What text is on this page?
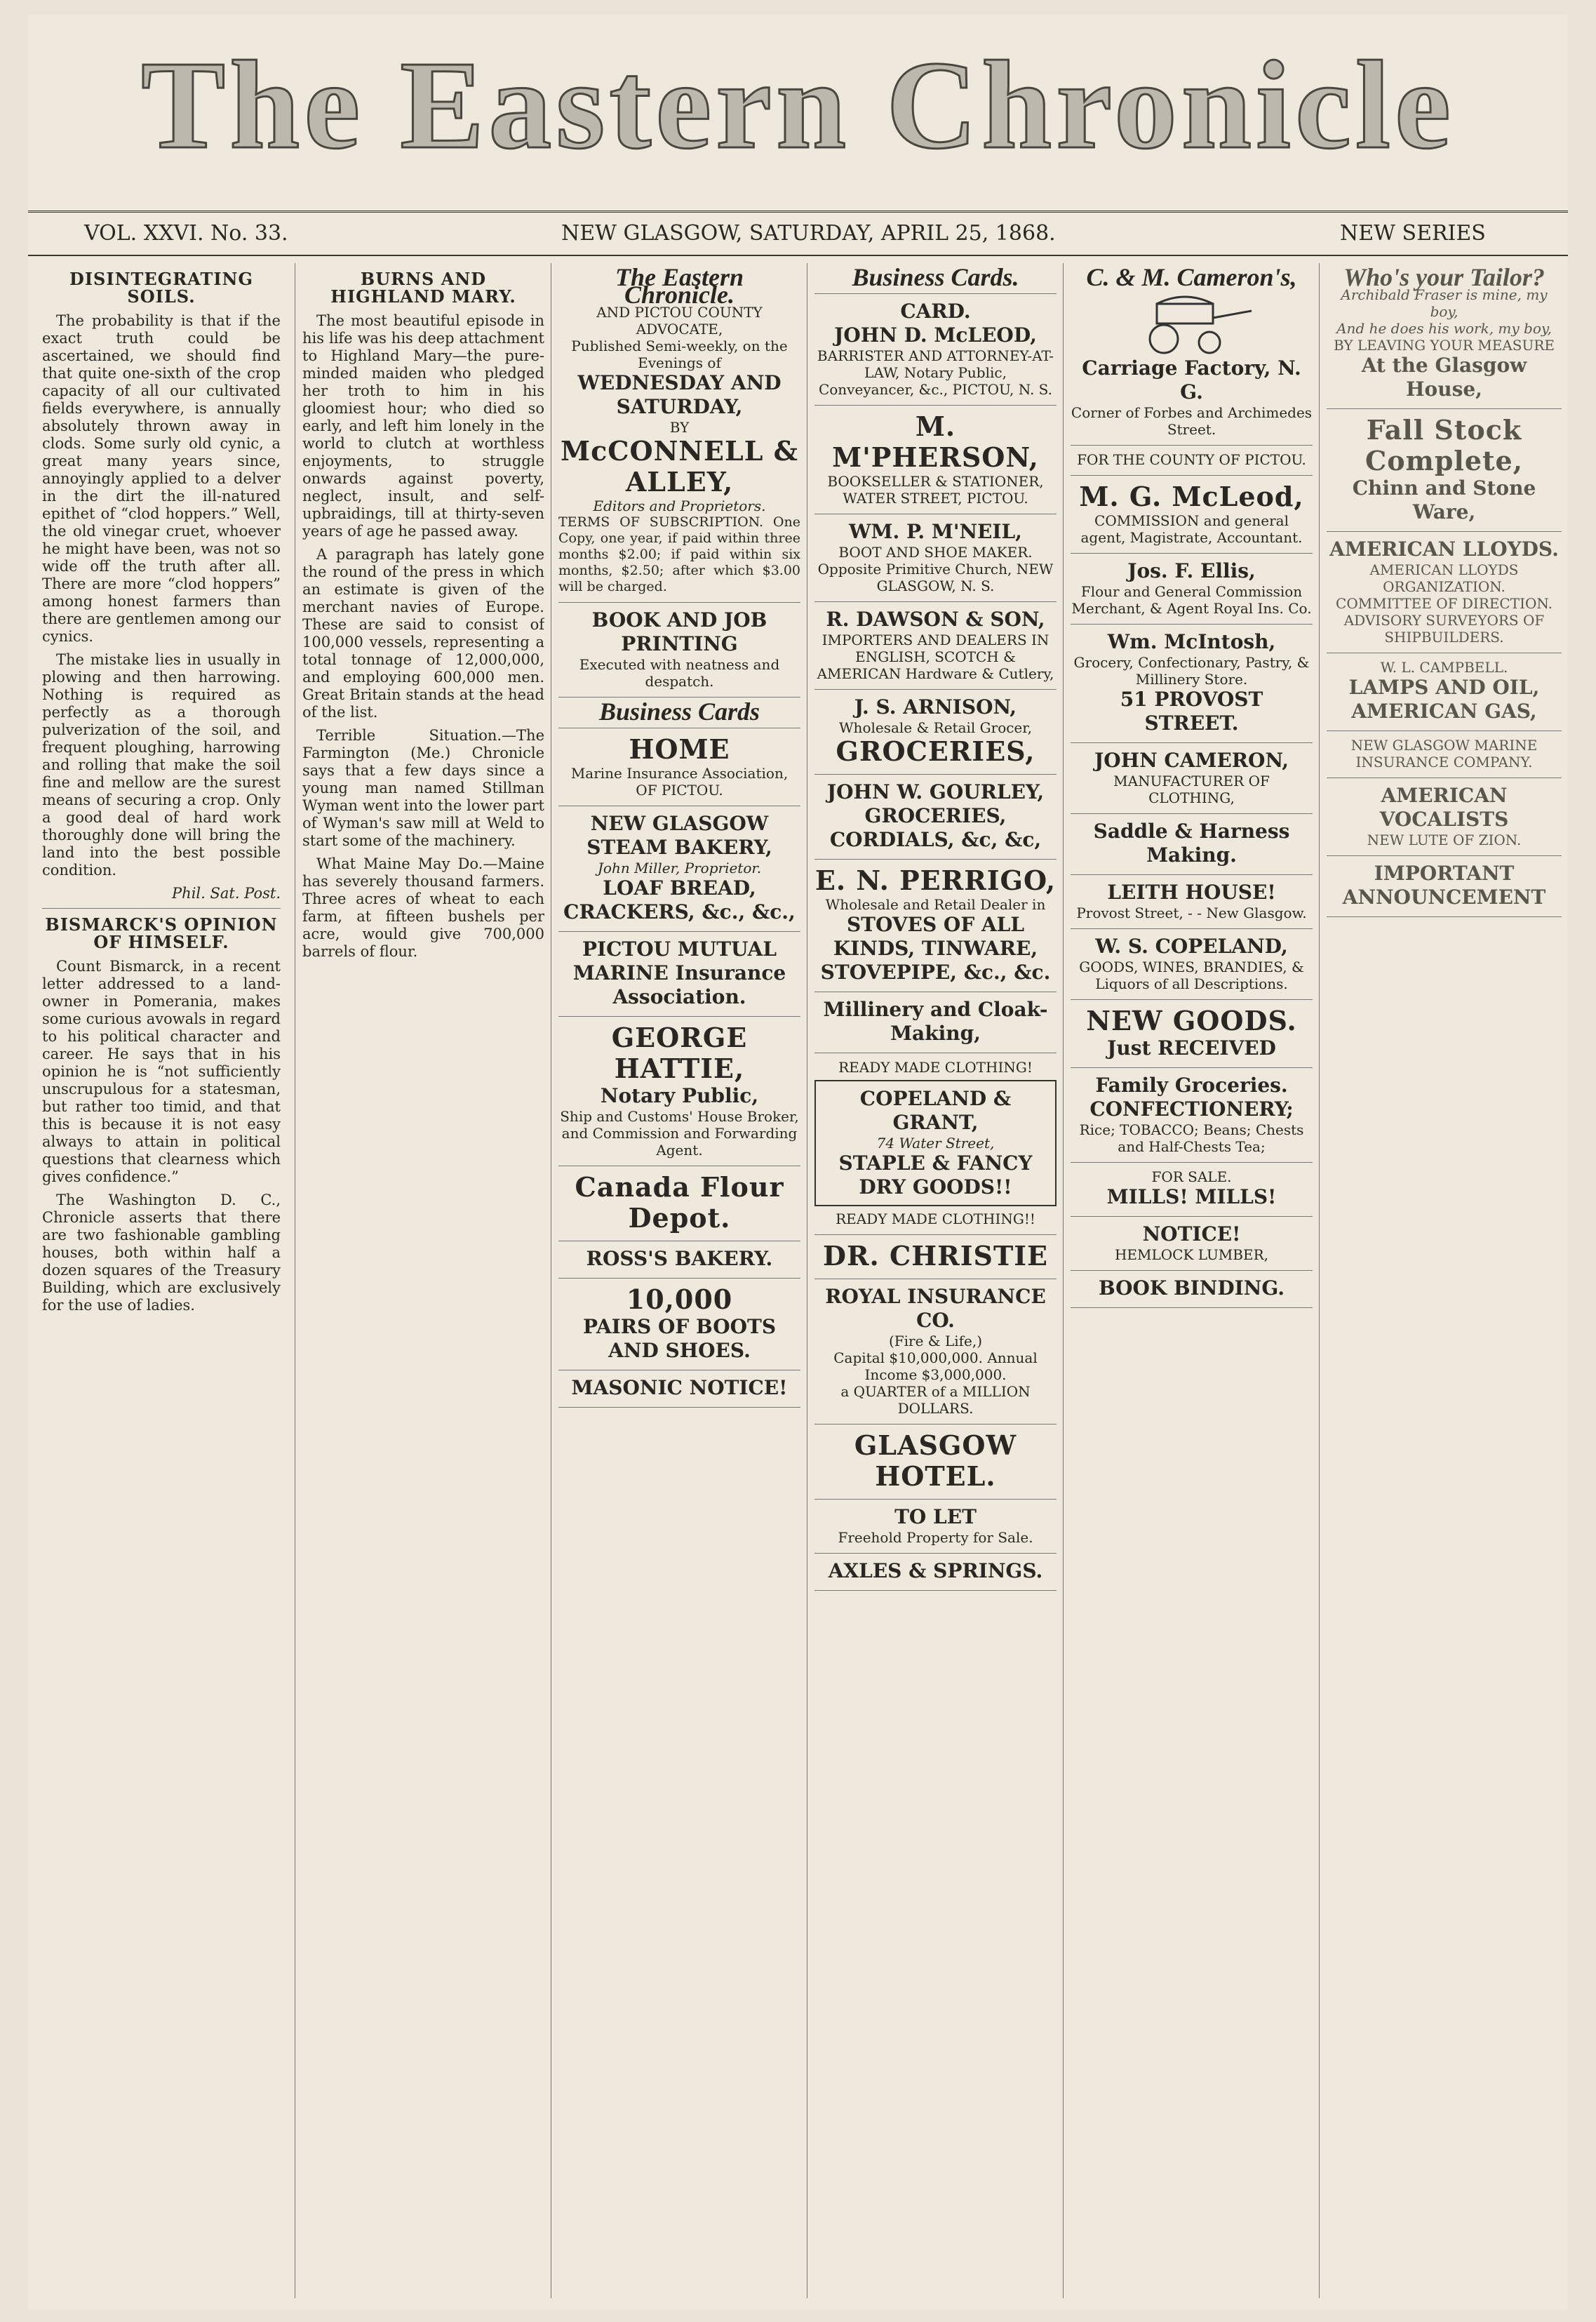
The Eastern Chronicle
VOL. XXVI. No. 33.	NEW GLASGOW, SATURDAY, APRIL 25, 1868.	NEW SERIES
DISINTEGRATING SOILS.

The probability is that if the exact truth could be ascertained, we should find that quite one-sixth of the crop capacity of all our cultivated fields everywhere, is annually absolutely thrown away in clods. Some surly old cynic, a great many years since, annoyingly applied to a delver in the dirt the ill-natured epithet of “clod hoppers.” Well, the old vinegar cruet, whoever he might have been, was not so wide off the truth after all. There are more “clod hoppers” among honest farmers than there are gentlemen among our cynics.

The mistake lies in usually in plowing and then harrowing. Nothing is required as perfectly as a thorough pulverization of the soil, and frequent ploughing, harrowing and rolling that make the soil fine and mellow are the surest means of securing a crop. Only a good deal of hard work thoroughly done will bring the land into the best possible condition.

Phil. Sat. Post.

BISMARCK'S OPINION OF HIMSELF.

Count Bismarck, in a recent letter addressed to a land-owner in Pomerania, makes some curious avowals in regard to his political character and career. He says that in his opinion he is “not sufficiently unscrupulous for a statesman, but rather too timid, and that this is because it is not easy always to attain in political questions that clearness which gives confidence.”

The Washington D. C., Chronicle asserts that there are two fashionable gambling houses, both within half a dozen squares of the Treasury Building, which are exclusively for the use of ladies.

BURNS AND HIGHLAND MARY.

The most beautiful episode in his life was his deep attachment to Highland Mary—the pure-minded maiden who pledged her troth to him in his gloomiest hour; who died so early, and left him lonely in the world to clutch at worthless enjoyments, to struggle onwards against poverty, neglect, insult, and self-upbraidings, till at thirty-seven years of age he passed away.

A paragraph has lately gone the round of the press in which an estimate is given of the merchant navies of Europe. These are said to consist of 100,000 vessels, representing a total tonnage of 12,000,000, and employing 600,000 men. Great Britain stands at the head of the list.

Terrible Situation.—The Farmington (Me.) Chronicle says that a few days since a young man named Stillman Wyman went into the lower part of Wyman's saw mill at Weld to start some of the machinery.

What Maine May Do.—Maine has severely thousand farmers. Three acres of wheat to each farm, at fifteen bushels per acre, would give 700,000 barrels of flour.

The Eastern Chronicle.
AND PICTOU COUNTY ADVOCATE,
Published Semi-weekly, on the Evenings of
WEDNESDAY AND SATURDAY,
BY
McCONNELL & ALLEY,
Editors and Proprietors.
TERMS OF SUBSCRIPTION. One Copy, one year, if paid within three months $2.00; if paid within six months, $2.50; after which $3.00 will be charged.
BOOK AND JOB PRINTING
Executed with neatness and despatch.
Business Cards
HOME
Marine Insurance Association, OF PICTOU.
NEW GLASGOW STEAM BAKERY,
John Miller, Proprietor.
LOAF BREAD, CRACKERS, &c., &c.,
PICTOU MUTUAL MARINE Insurance Association.
GEORGE HATTIE,
Notary Public,
Ship and Customs' House Broker, and Commission and Forwarding Agent.
Canada Flour Depot.
ROSS'S BAKERY.
10,000
PAIRS OF BOOTS AND SHOES.
MASONIC NOTICE!
Business Cards.
CARD.
JOHN D. McLEOD,
BARRISTER AND ATTORNEY-AT-LAW, Notary Public, Conveyancer, &c., PICTOU, N. S.
M. M'PHERSON,
BOOKSELLER & STATIONER, WATER STREET, PICTOU.
WM. P. M'NEIL,
BOOT AND SHOE MAKER. Opposite Primitive Church, NEW GLASGOW, N. S.
R. DAWSON & SON,
IMPORTERS AND DEALERS IN ENGLISH, SCOTCH & AMERICAN Hardware & Cutlery,
J. S. ARNISON,
Wholesale & Retail Grocer,
GROCERIES,
JOHN W. GOURLEY,
GROCERIES, CORDIALS, &c, &c,
E. N. PERRIGO,
Wholesale and Retail Dealer in
STOVES OF ALL KINDS, TINWARE, STOVEPIPE, &c., &c.
Millinery and Cloak-Making,
READY MADE CLOTHING!
COPELAND & GRANT,
74 Water Street,
STAPLE & FANCY DRY GOODS!!
READY MADE CLOTHING!!
DR. CHRISTIE
ROYAL INSURANCE CO.
(Fire & Life,)
Capital $10,000,000. Annual Income $3,000,000.
a QUARTER of a MILLION DOLLARS.
GLASGOW HOTEL.
TO LET
Freehold Property for Sale.
AXLES & SPRINGS.
C. & M. Cameron's,
Carriage Factory, N. G.
Corner of Forbes and Archimedes Street.
FOR THE COUNTY OF PICTOU.
M. G. McLeod,
COMMISSION and general agent, Magistrate, Accountant.
Jos. F. Ellis,
Flour and General Commission Merchant, & Agent Royal Ins. Co.
Wm. McIntosh,
Grocery, Confectionary, Pastry, & Millinery Store.
51 PROVOST STREET.
JOHN CAMERON,
MANUFACTURER OF CLOTHING,
Saddle & Harness Making.
LEITH HOUSE!
Provost Street, - - New Glasgow.
W. S. COPELAND,
GOODS, WINES, BRANDIES, & Liquors of all Descriptions.
NEW GOODS.
Just RECEIVED
Family Groceries.
CONFECTIONERY;
Rice; TOBACCO; Beans; Chests and Half-Chests Tea;
FOR SALE.
MILLS! MILLS!
NOTICE!
HEMLOCK LUMBER,
BOOK BINDING.
Who's your Tailor?
Archibald Fraser is mine, my boy,
And he does his work, my boy,
BY LEAVING YOUR MEASURE
At the Glasgow House,
Fall Stock Complete,
Chinn and Stone Ware,
AMERICAN LLOYDS.
AMERICAN LLOYDS ORGANIZATION.
COMMITTEE OF DIRECTION.
ADVISORY SURVEYORS OF SHIPBUILDERS.
W. L. CAMPBELL.
LAMPS AND OIL, AMERICAN GAS,
NEW GLASGOW MARINE INSURANCE COMPANY.
AMERICAN VOCALISTS
NEW LUTE OF ZION.
IMPORTANT ANNOUNCEMENT
